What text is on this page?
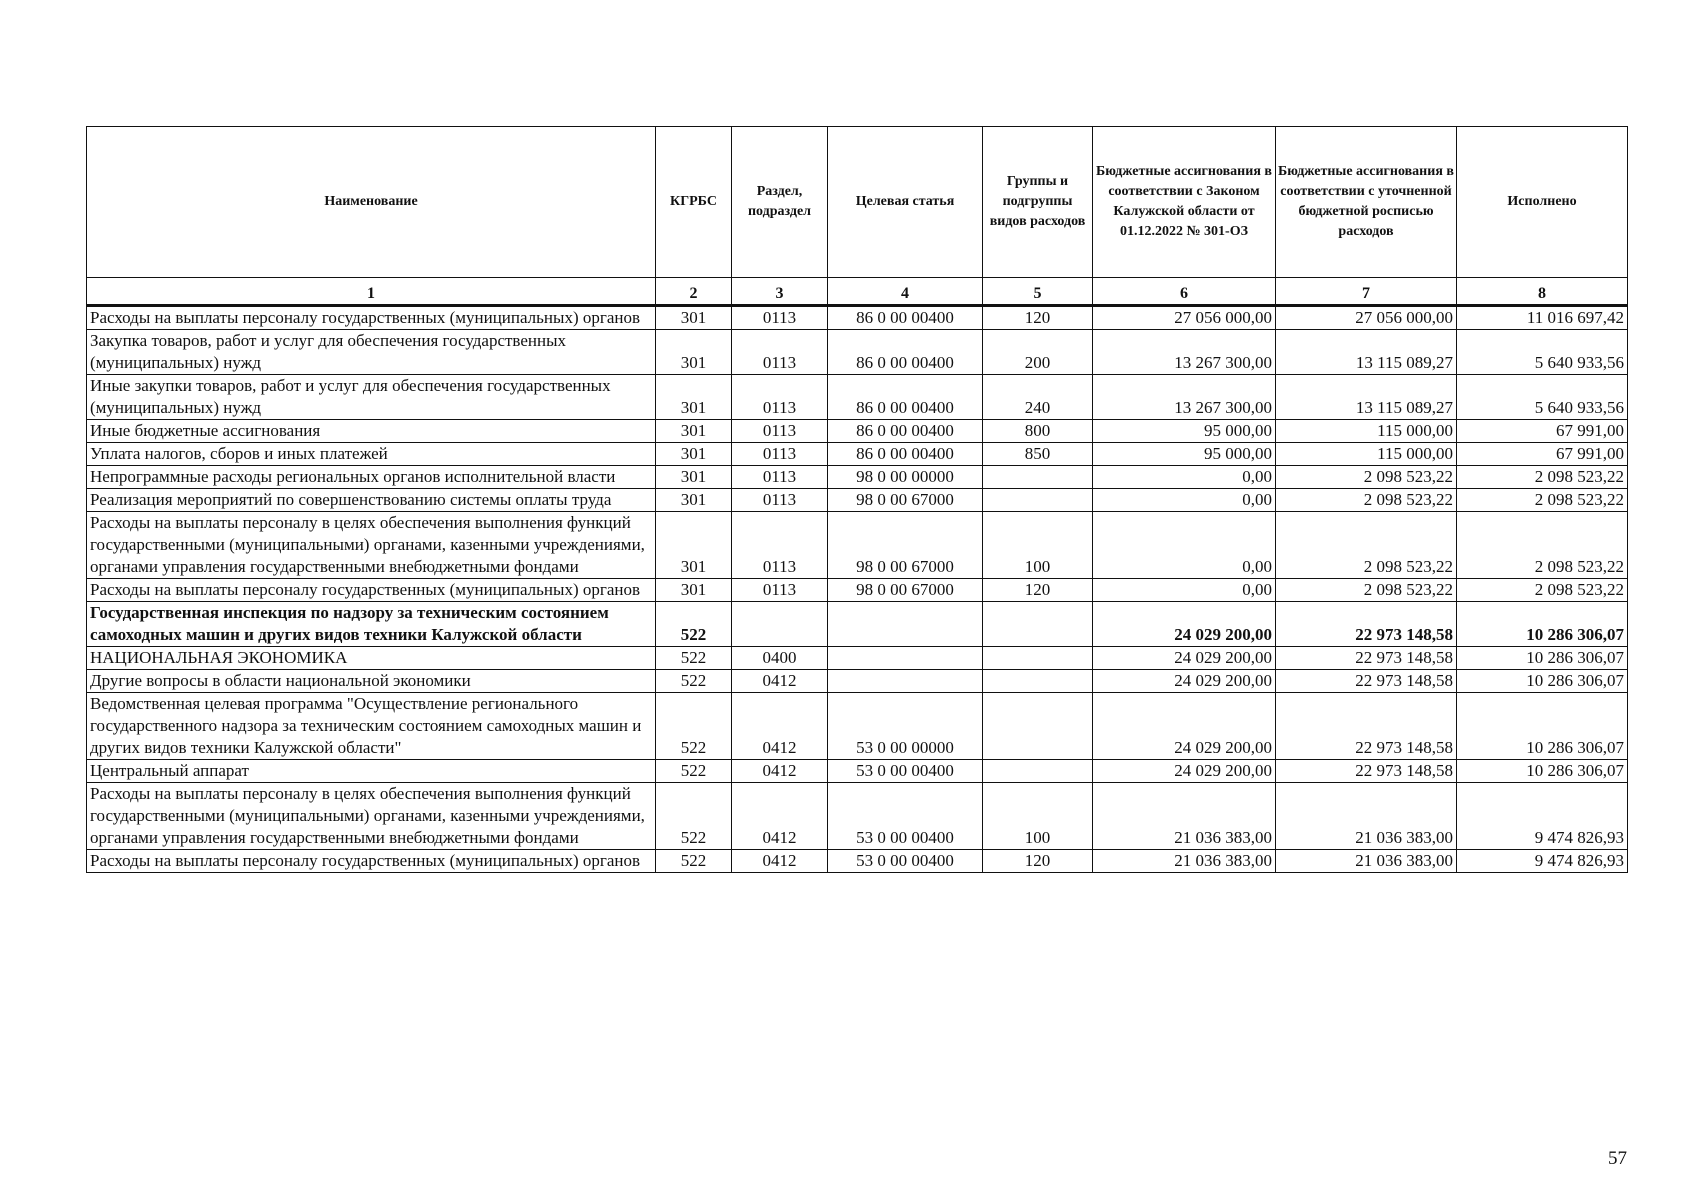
Наименование	КГРБС	Раздел, подраздел	Целевая статья	Группы и подгруппы видов расходов	Бюджетные ассигнования в соответствии с Законом Калужской области от 01.12.2022 № 301-ОЗ	Бюджетные ассигнования в соответствии с уточненной бюджетной росписью расходов	Исполнено
1	2	3	4	5	6	7	8
Расходы на выплаты персоналу государственных (муниципальных) органов	301	0113	86 0 00 00400	120	27 056 000,00	27 056 000,00	11 016 697,42
Закупка товаров, работ и услуг для обеспечения государственных (муниципальных) нужд	301	0113	86 0 00 00400	200	13 267 300,00	13 115 089,27	5 640 933,56
Иные закупки товаров, работ и услуг для обеспечения государственных (муниципальных) нужд	301	0113	86 0 00 00400	240	13 267 300,00	13 115 089,27	5 640 933,56
Иные бюджетные ассигнования	301	0113	86 0 00 00400	800	95 000,00	115 000,00	67 991,00
Уплата налогов, сборов и иных платежей	301	0113	86 0 00 00400	850	95 000,00	115 000,00	67 991,00
Непрограммные расходы региональных органов исполнительной власти	301	0113	98 0 00 00000		0,00	2 098 523,22	2 098 523,22
Реализация мероприятий по совершенствованию системы оплаты труда	301	0113	98 0 00 67000		0,00	2 098 523,22	2 098 523,22
Расходы на выплаты персоналу в целях обеспечения выполнения функций государственными (муниципальными) органами, казенными учреждениями, органами управления государственными внебюджетными фондами	301	0113	98 0 00 67000	100	0,00	2 098 523,22	2 098 523,22
Расходы на выплаты персоналу государственных (муниципальных) органов	301	0113	98 0 00 67000	120	0,00	2 098 523,22	2 098 523,22
Государственная инспекция по надзору за техническим состоянием самоходных машин и других видов техники Калужской области	522				24 029 200,00	22 973 148,58	10 286 306,07
НАЦИОНАЛЬНАЯ ЭКОНОМИКА	522	0400			24 029 200,00	22 973 148,58	10 286 306,07
Другие вопросы в области национальной экономики	522	0412			24 029 200,00	22 973 148,58	10 286 306,07
Ведомственная целевая программа "Осуществление регионального государственного надзора за техническим состоянием самоходных машин и других видов техники Калужской области"	522	0412	53 0 00 00000		24 029 200,00	22 973 148,58	10 286 306,07
Центральный аппарат	522	0412	53 0 00 00400		24 029 200,00	22 973 148,58	10 286 306,07
Расходы на выплаты персоналу в целях обеспечения выполнения функций государственными (муниципальными) органами, казенными учреждениями, органами управления государственными внебюджетными фондами	522	0412	53 0 00 00400	100	21 036 383,00	21 036 383,00	9 474 826,93
Расходы на выплаты персоналу государственных (муниципальных) органов	522	0412	53 0 00 00400	120	21 036 383,00	21 036 383,00	9 474 826,93
57
